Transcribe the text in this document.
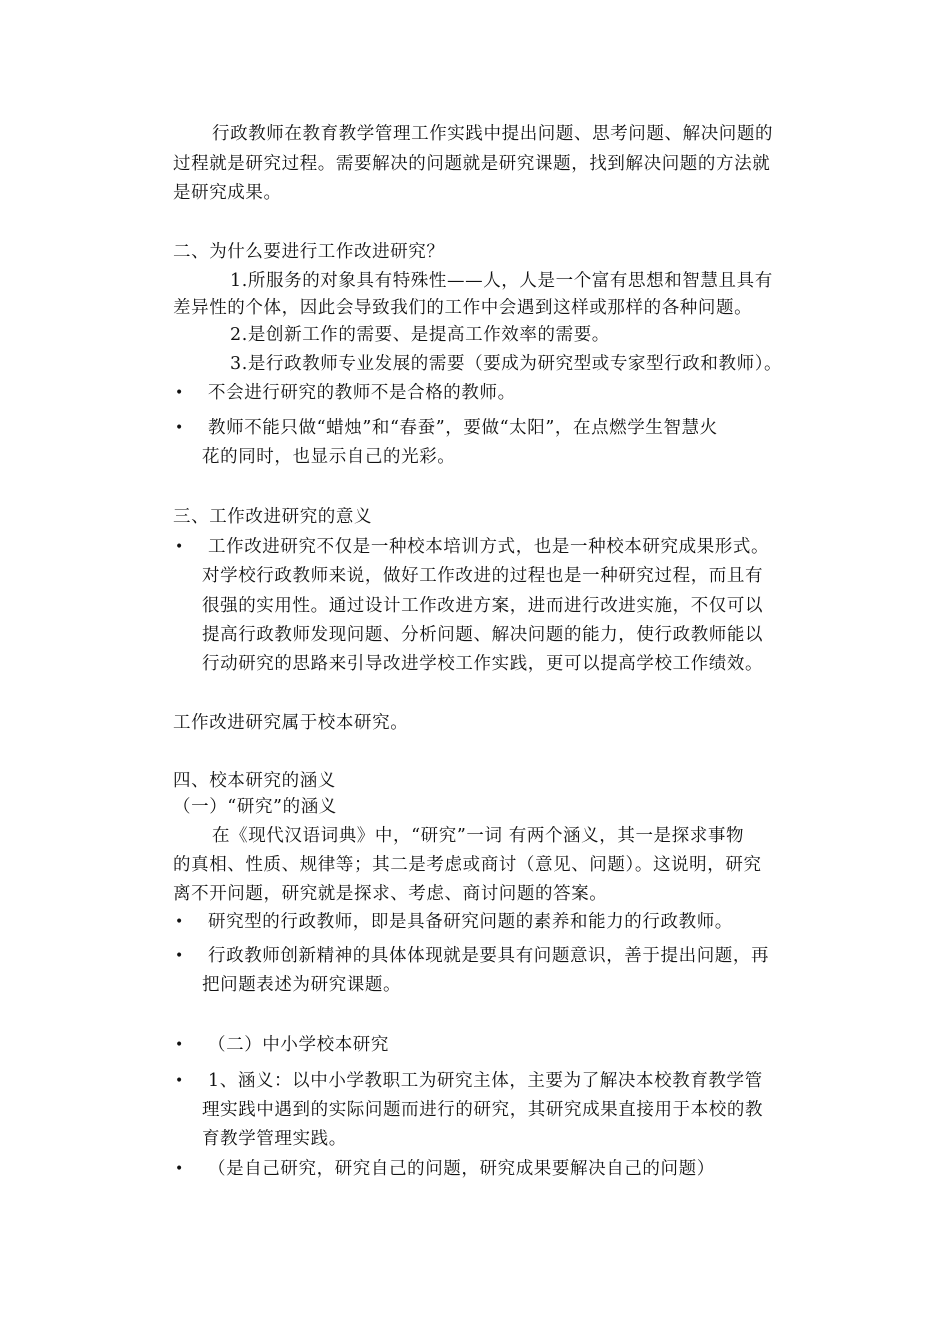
行政教师在教育教学管理工作实践中提出问题、思考问题、解决问题的
过程就是研究过程。需要解决的问题就是研究课题，找到解决问题的方法就
是研究成果。
二、为什么要进行工作改进研究？
1.所服务的对象具有特殊性——人，人是一个富有思想和智慧且具有
差异性的个体，因此会导致我们的工作中会遇到这样或那样的各种问题。
2.是创新工作的需要、是提高工作效率的需要。
3.是行政教师专业发展的需要（要成为研究型或专家型行政和教师）。
• 不会进行研究的教师不是合格的教师。
• 教师不能只做“蜡烛”和“春蚕”，要做“太阳”，在点燃学生智慧火
花的同时，也显示自己的光彩。
三、工作改进研究的意义
• 工作改进研究不仅是一种校本培训方式，也是一种校本研究成果形式。
对学校行政教师来说，做好工作改进的过程也是一种研究过程，而且有
很强的实用性。通过设计工作改进方案，进而进行改进实施，不仅可以
提高行政教师发现问题、分析问题、解决问题的能力，使行政教师能以
行动研究的思路来引导改进学校工作实践，更可以提高学校工作绩效。
工作改进研究属于校本研究。
四、校本研究的涵义
（一）“研究”的涵义
在《现代汉语词典》中，“研究”一词 有两个涵义，其一是探求事物
的真相、性质、规律等；其二是考虑或商讨（意见、问题）。这说明，研究
离不开问题，研究就是探求、考虑、商讨问题的答案。
• 研究型的行政教师，即是具备研究问题的素养和能力的行政教师。
• 行政教师创新精神的具体体现就是要具有问题意识，善于提出问题，再
把问题表述为研究课题。
• （二）中小学校本研究
• 1、涵义：以中小学教职工为研究主体，主要为了解决本校教育教学管
理实践中遇到的实际问题而进行的研究，其研究成果直接用于本校的教
育教学管理实践。
• （是自己研究，研究自己的问题，研究成果要解决自己的问题）
